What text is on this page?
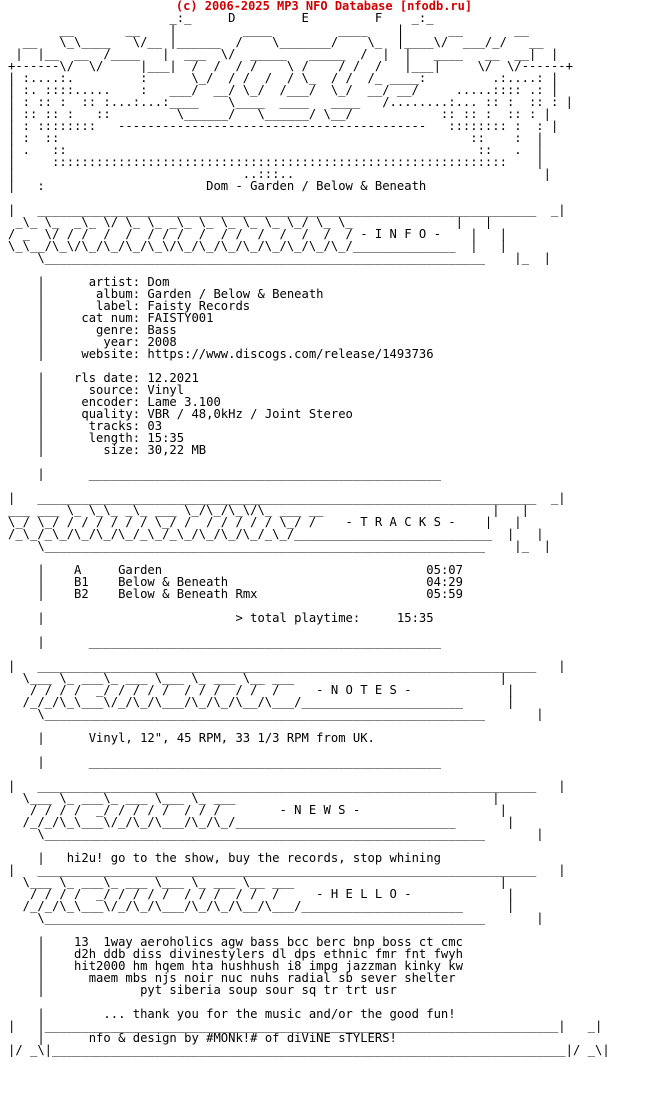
(c) 2006-2025 MP3 NFO Database [nfodb.ru]
_:_     D         E         F    _:_
__       __    |         ____         ____    |      __       __
__   \_\____   \/__ |______  /    \_______/    \_  |____\/  ___/_/   __
|  |__  __  /____   |  ___  \/  _____   _____  /  |  |   ____   __  __|  |
+------\/  \/     |___|  /  /  / /    \ /    / /  /   |___|     \/  \/------+
| :....:.         :      \_/  / /  /  / \_  / /  /_ ____:         .:....: |
| :. ::::.....    :   ___/  __/ \_/  /___/  \_/  __/ __/     .....:::: .: |
| : :: :  :: :...:...:____    \____  ____   ____   /........:... :: :  :: : |
| :: :: :   ::         \______/   \______/ \__/            :: :: :  :: : |
| : ::::::::   ------------------------------------------   :::::::: :  : |
| :  ::                                                        ::    :  |
| .   ::                                                        ::   .  |
|     ::::::::::::::::::::::::::::::::::::::::::::::::::::::::::::::    |
|                               ..:::..                                  |
|   :                      Dom - Garden / Below & Beneath

|   ____________________________________________________________________  _|
_\_ \_  _\_ \/ \_ \_ _\_ \_ \_ \_ \_ \_/ \_ \_              |   |
/ _  \/ / /  /  /  / / /  /  / /  /  /  /  /  / - I N F O -    |   |
\_\__/\_\/\_/\_/\_/\_\/\_/\_/\_/\_/\_/\_/\_/\_/______________  |   |
\____________________________________________________________    |_  |

|      artist: Dom
|       album: Garden / Below & Beneath
|       label: Faisty Records
|     cat num: FAISTY001
|       genre: Bass
|        year: 2008
|     website: https://www.discogs.com/release/1493736

|    rls date: 12.2021
|      source: Vinyl
|     encoder: Lame 3.100
|     quality: VBR / 48,0kHz / Joint Stereo
|      tracks: 03
|      length: 15:35
|        size: 30,22 MB

|      ________________________________________________

|   ____________________________________________________________________  _|
___ ___ \_ \_\_ _\_ ___ \_/\_/\_\/\_ ___ __                       |   |
\_/ \_/ / / / / / / \_/ /  / / / / / \_/ /    - T R A C K S -    |   |
/_\_/_\_/\_/\_/\_/_\_/_\_/\_/\_/\_/_\_/___________________________  |   |
\____________________________________________________________    |_  |

|    A     Garden                                    05:07
|    B1    Below & Beneath                           04:29
|    B2    Below & Beneath Rmx                       05:59

|                          > total playtime:	15:35

|      ________________________________________________

|   ____________________________________________________________________   |
\___ \_ ___\_ ___ \___ \_ ___ \__ ___                            |
/ / / /  _/ / / / /  / / /  / /  /     - N O T E S -             |
/_/_/\_\___\/_/\_/\___/\_/\_/\__/\___/______________________      |
\____________________________________________________________       |

|      Vinyl, 12", 45 RPM, 33 1/3 RPM from UK.

|      ________________________________________________

|   ____________________________________________________________________   |
\___ \_ ___\_ ___ \___ \_ ___                                   |
/ / / /  _/ / / / /  / / /        - N E W S -                   |
/_/_/\_\___\/_/\_/\___/\_/\_/______________________________       |
\____________________________________________________________       |

|   hi2u! go to the show, buy the records, stop whining
|   ____________________________________________________________________   |
\___ \_ ___\_ ___ \___ \_ ___ \__ ___                            |
/ / / /  _/ / / / /  / / /  / /  /     - H E L L O -             |
/_/_/\_\___\/_/\_/\___/\_/\_/\__/\___/______________________      |
\____________________________________________________________       |

|    13  1way aeroholics agw bass bcc berc bnp boss ct cmc
|    d2h ddb diss divinestylers dl dps ethnic fmr fnt fwyh
|    hit2000 hm hqem hta hushhush i8 impg jazzman kinky kw
|      maem mbs njs noir nuc nuhs radial sb sever shelter
|             pyt siberia soup sour sq tr trt usr

|        ... thank you for the music and/or the good fun!
|   |______________________________________________________________________|   _|
|      nfo & design by #MONk!# of diViNE sTYLERS!
|/ _\|______________________________________________________________________|/ _\|
